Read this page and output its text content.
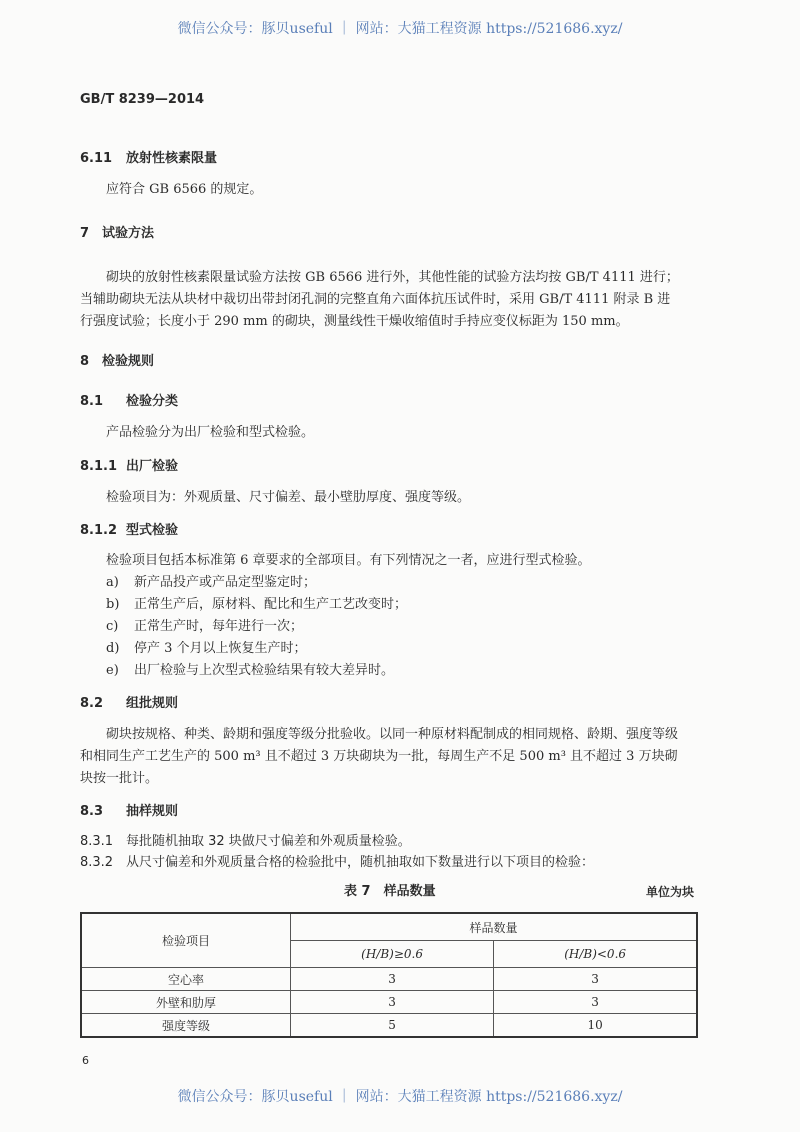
微信公众号：豚贝useful ｜ 网站：大猫工程资源 https://521686.xyz/
GB/T 8239—2014
6.11 放射性核素限量
应符合 GB 6566 的规定。
7 试验方法
砌块的放射性核素限量试验方法按 GB 6566 进行外，其他性能的试验方法均按 GB/T 4111 进行；
当辅助砌块无法从块材中裁切出带封闭孔洞的完整直角六面体抗压试件时，采用 GB/T 4111 附录 B 进
行强度试验；长度小于 290 mm 的砌块，测量线性干燥收缩值时手持应变仪标距为 150 mm。
8 检验规则
8.1 检验分类
产品检验分为出厂检验和型式检验。
8.1.1 出厂检验
检验项目为：外观质量、尺寸偏差、最小壁肋厚度、强度等级。
8.1.2 型式检验
检验项目包括本标准第 6 章要求的全部项目。有下列情况之一者，应进行型式检验。
a) 新产品投产或产品定型鉴定时；
b) 正常生产后，原材料、配比和生产工艺改变时；
c) 正常生产时，每年进行一次；
d) 停产 3 个月以上恢复生产时；
e) 出厂检验与上次型式检验结果有较大差异时。
8.2 组批规则
砌块按规格、种类、龄期和强度等级分批验收。以同一种原材料配制成的相同规格、龄期、强度等级
和相同生产工艺生产的 500 m³ 且不超过 3 万块砌块为一批，每周生产不足 500 m³ 且不超过 3 万块砌
块按一批计。
8.3 抽样规则
8.3.1 每批随机抽取 32 块做尺寸偏差和外观质量检验。
8.3.2 从尺寸偏差和外观质量合格的检验批中，随机抽取如下数量进行以下项目的检验：
表 7　样品数量	单位为块
检验项目	样品数量	
	(H/B)≥0.6	(H/B)<0.6
空心率	3	3
外壁和肋厚	3	3
强度等级	5	10
6
微信公众号：豚贝useful ｜ 网站：大猫工程资源 https://521686.xyz/
